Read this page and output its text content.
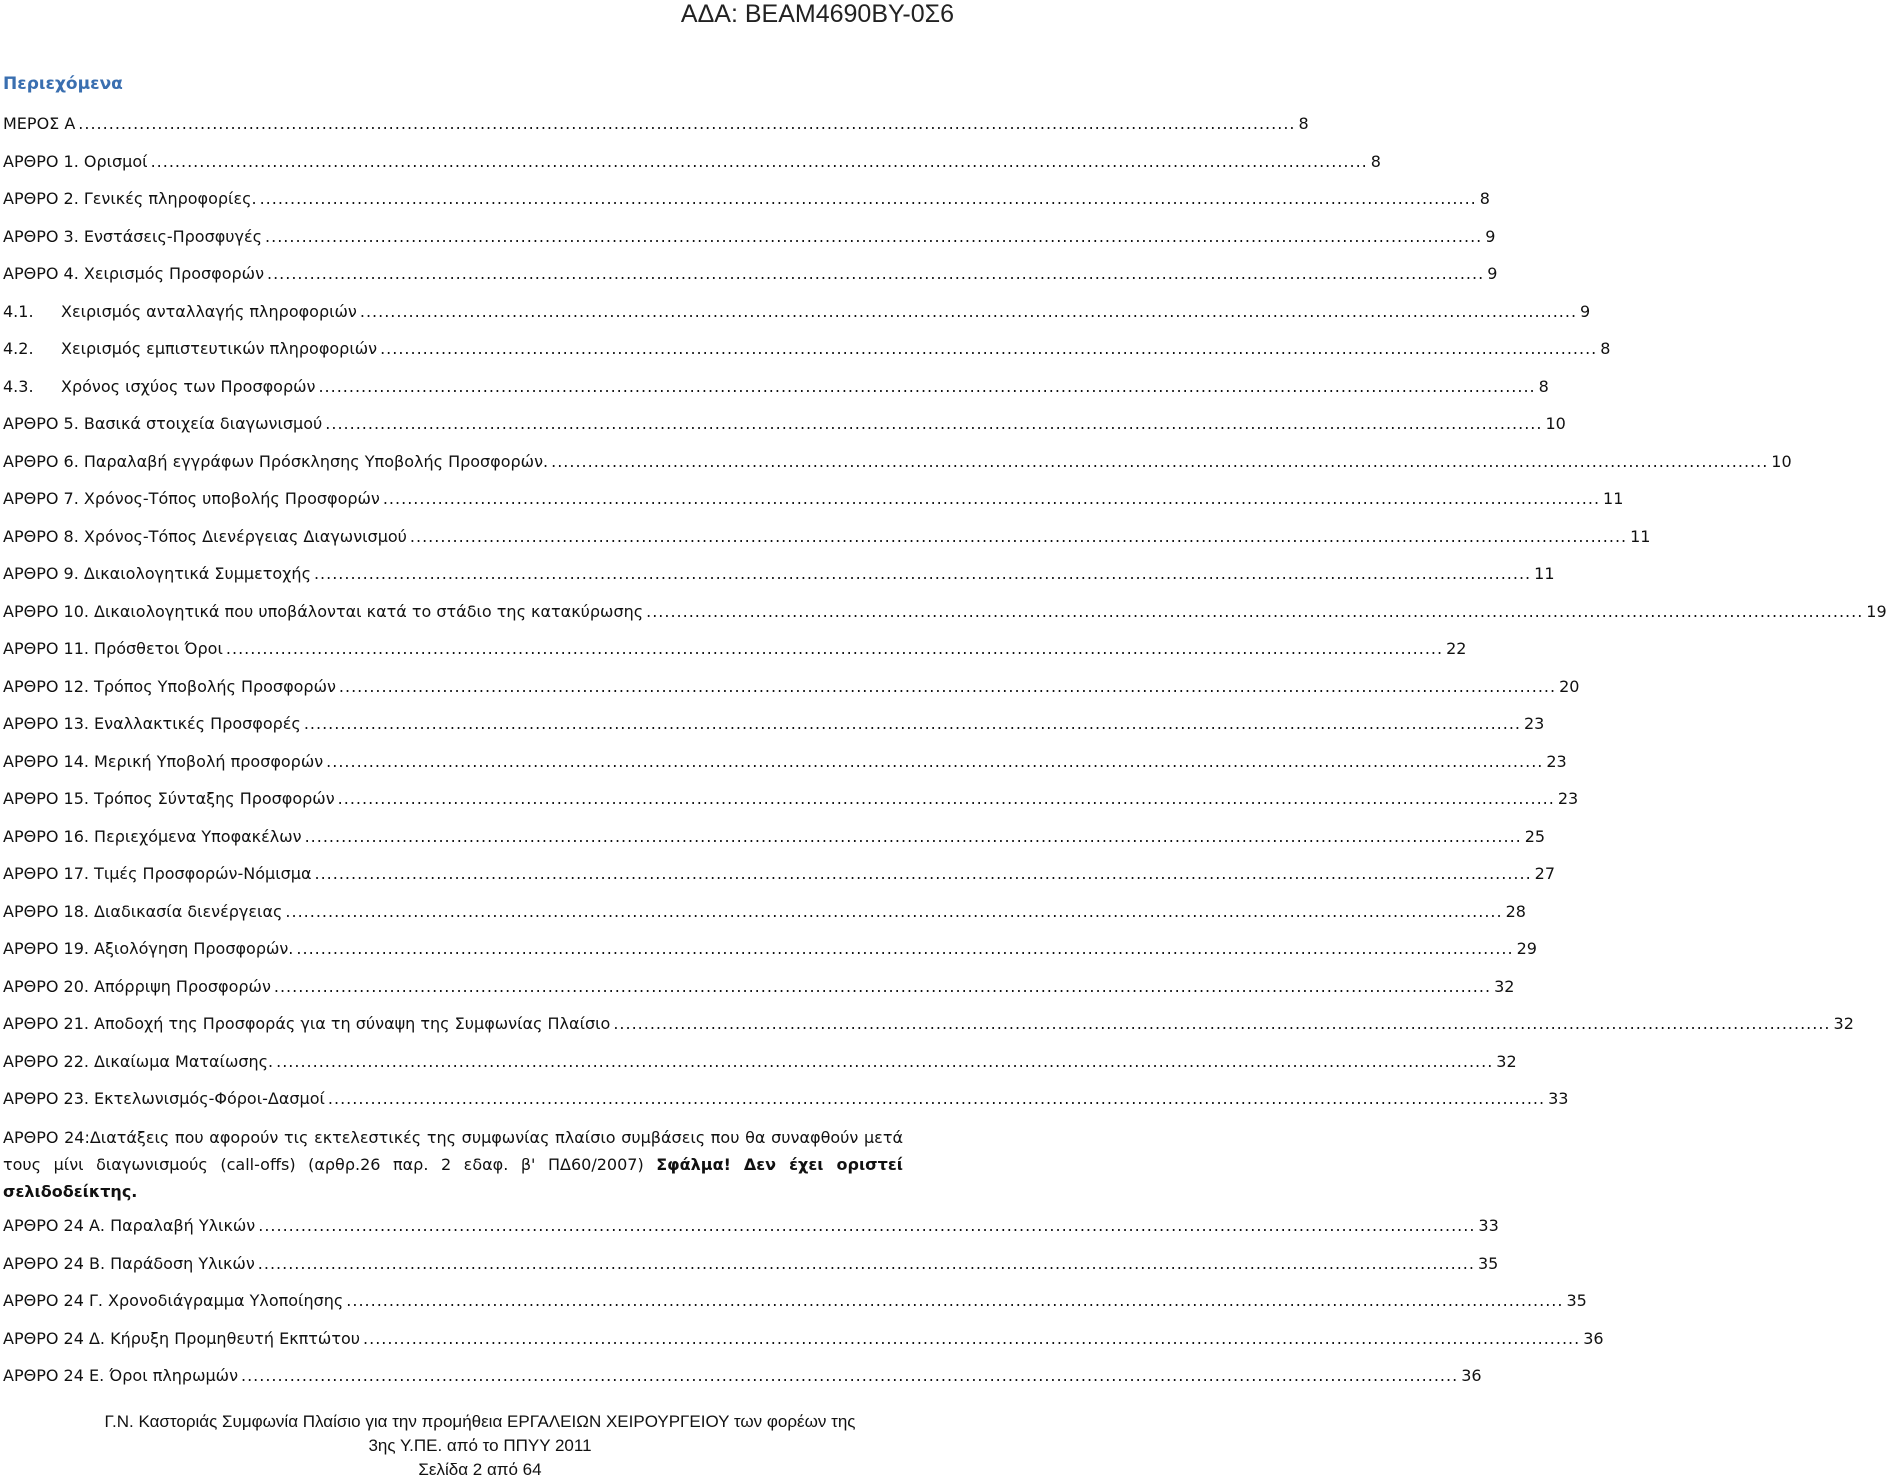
ΑΔΑ: ΒΕΑΜ4690ΒΥ-0Σ6
Περιεχόμενα
ΜΕΡΟΣ Α ........................................................................................................................................................................................................ 8
ΑΡΘΡΟ 1. Ορισμοί ........................................................................................................................................................................................................ 8
ΑΡΘΡΟ 2. Γενικές πληροφορίες. ........................................................................................................................................................................................................ 8
ΑΡΘΡΟ 3. Ενστάσεις-Προσφυγές ........................................................................................................................................................................................................ 9
ΑΡΘΡΟ 4. Χειρισμός Προσφορών ........................................................................................................................................................................................................ 9
4.1. Χειρισμός ανταλλαγής πληροφοριών ........................................................................................................................................................................................................ 9
4.2. Χειρισμός εμπιστευτικών πληροφοριών ........................................................................................................................................................................................................ 8
4.3. Χρόνος ισχύος των Προσφορών ........................................................................................................................................................................................................ 8
ΑΡΘΡΟ 5. Βασικά στοιχεία διαγωνισμού ........................................................................................................................................................................................................ 10
ΑΡΘΡΟ 6. Παραλαβή εγγράφων Πρόσκλησης Υποβολής Προσφορών. ........................................................................................................................................................................................................ 10
ΑΡΘΡΟ 7. Χρόνος-Τόπος υποβολής Προσφορών ........................................................................................................................................................................................................ 11
ΑΡΘΡΟ 8. Χρόνος-Τόπος Διενέργειας Διαγωνισμού ........................................................................................................................................................................................................ 11
ΑΡΘΡΟ 9. Δικαιολογητικά Συμμετοχής ........................................................................................................................................................................................................ 11
ΑΡΘΡΟ 10. Δικαιολογητικά που υποβάλονται κατά το στάδιο της κατακύρωσης ........................................................................................................................................................................................................ 19
ΑΡΘΡΟ 11. Πρόσθετοι Όροι ........................................................................................................................................................................................................ 22
ΑΡΘΡΟ 12. Τρόπος Υποβολής Προσφορών ........................................................................................................................................................................................................ 20
ΑΡΘΡΟ 13. Εναλλακτικές Προσφορές ........................................................................................................................................................................................................ 23
ΑΡΘΡΟ 14. Μερική Υποβολή προσφορών ........................................................................................................................................................................................................ 23
ΑΡΘΡΟ 15. Τρόπος Σύνταξης Προσφορών ........................................................................................................................................................................................................ 23
ΑΡΘΡΟ 16. Περιεχόμενα Υποφακέλων ........................................................................................................................................................................................................ 25
ΑΡΘΡΟ 17. Τιμές Προσφορών-Νόμισμα ........................................................................................................................................................................................................ 27
ΑΡΘΡΟ 18. Διαδικασία διενέργειας ........................................................................................................................................................................................................ 28
ΑΡΘΡΟ 19. Αξιολόγηση Προσφορών. ........................................................................................................................................................................................................ 29
ΑΡΘΡΟ 20. Απόρριψη Προσφορών ........................................................................................................................................................................................................ 32
ΑΡΘΡΟ 21. Αποδοχή της Προσφοράς για τη σύναψη της Συμφωνίας Πλαίσιο ........................................................................................................................................................................................................ 32
ΑΡΘΡΟ 22. Δικαίωμα Ματαίωσης. ........................................................................................................................................................................................................ 32
ΑΡΘΡΟ 23. Εκτελωνισμός-Φόροι-Δασμοί ........................................................................................................................................................................................................ 33
ΑΡΘΡΟ 24:Διατάξεις που αφορούν τις εκτελεστικές της συμφωνίας πλαίσιο συμβάσεις που θα συναφθούν μετά τους μίνι διαγωνισμούς (call-offs) (αρθρ.26 παρ. 2 εδαφ. β' ΠΔ60/2007) Σφάλμα! Δεν έχει οριστεί σελιδοδείκτης.
ΑΡΘΡΟ 24 Α. Παραλαβή Υλικών ........................................................................................................................................................................................................ 33
ΑΡΘΡΟ 24 Β. Παράδοση Υλικών ........................................................................................................................................................................................................ 35
ΑΡΘΡΟ 24 Γ. Χρονοδιάγραμμα Υλοποίησης ........................................................................................................................................................................................................ 35
ΑΡΘΡΟ 24 Δ. Κήρυξη Προμηθευτή Εκπτώτου ........................................................................................................................................................................................................ 36
ΑΡΘΡΟ 24 Ε. Όροι πληρωμών ........................................................................................................................................................................................................ 36
Γ.Ν. Καστοριάς Συμφωνία Πλαίσιο για την προμήθεια ΕΡΓΑΛΕΙΩΝ ΧΕΙΡΟΥΡΓΕΙΟΥ των φορέων της
3ης Υ.ΠΕ. από το ΠΠΥΥ 2011
Σελίδα 2 από 64
